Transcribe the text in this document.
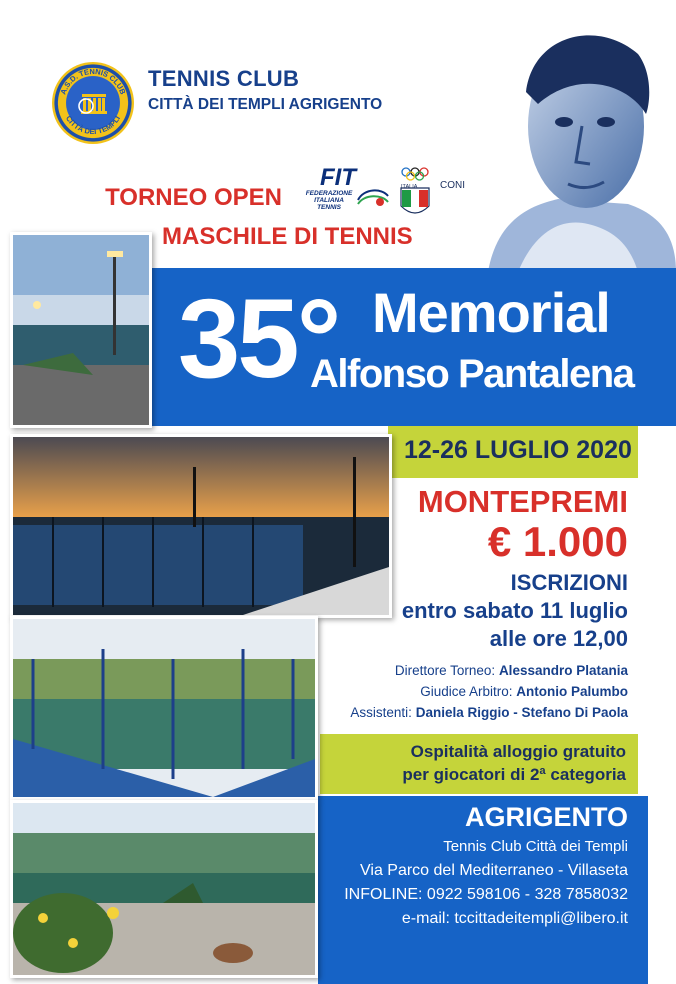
A.S.D. TENNIS CLUB
CITTÀ DEI TEMPLI
TENNIS CLUB
CITTÀ DEI TEMPLI AGRIGENTO
TORNEO OPEN
MASCHILE DI TENNIS
FIT
FEDERAZIONE ITALIANA TENNIS
ITALIA CONI
35° Memorial
Alfonso Pantalena
12-26 LUGLIO 2020
MONTEPREMI
€ 1.000
ISCRIZIONI
entro sabato 11 luglio
alle ore 12,00
Direttore Torneo: Alessandro Platania
Giudice Arbitro: Antonio Palumbo
Assistenti: Daniela Riggio - Stefano Di Paola
Ospitalità alloggio gratuito
per giocatori di 2ª categoria
AGRIGENTO
Tennis Club Città dei Templi
Via Parco del Mediterraneo - Villaseta
INFOLINE: 0922 598106 - 328 7858032
e-mail: tccittadeitempli@libero.it
